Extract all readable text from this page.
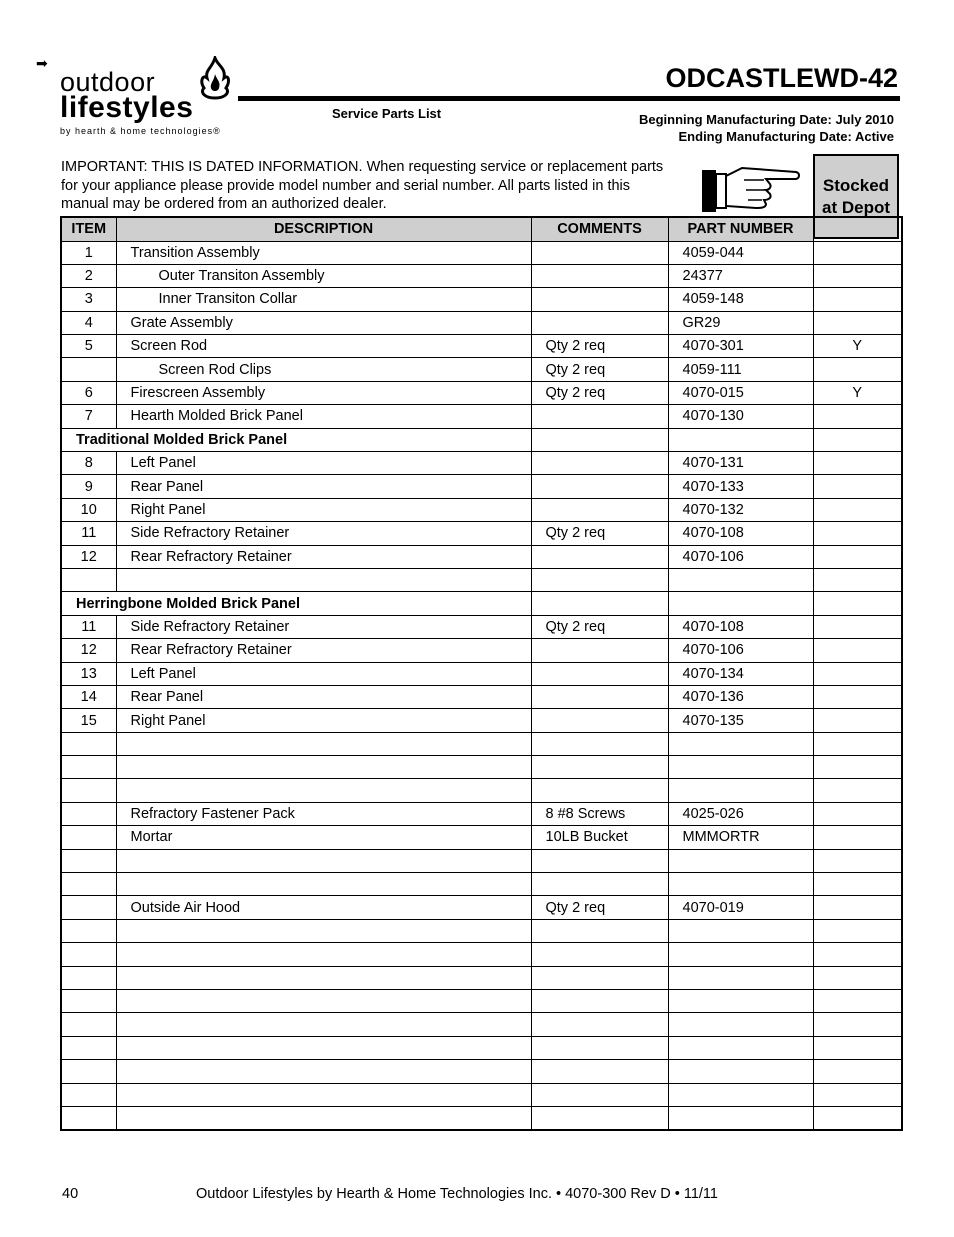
➡
outdoor
lifestyles
by hearth & home technologies®
ODCASTLEWD-42
Service Parts List	Beginning Manufacturing Date: July 2010
Ending Manufacturing Date: Active
IMPORTANT: THIS IS DATED INFORMATION. When requesting service or replacement parts for your appliance please provide model number and serial number. All parts listed in this manual may be ordered from an authorized dealer.
Stocked at Depot
ITEM	DESCRIPTION	COMMENTS	PART NUMBER	
1	Transition Assembly		4059-044	
2	Outer Transiton Assembly		24377	
3	Inner Transiton Collar		4059-148	
4	Grate Assembly		GR29	
5	Screen Rod	Qty 2 req	4070-301	Y
	Screen Rod Clips	Qty 2 req	4059-111	
6	Firescreen Assembly	Qty 2 req	4070-015	Y
7	Hearth Molded Brick Panel		4070-130	
Traditional Molded Brick Panel				
8	Left Panel		4070-131	
9	Rear Panel		4070-133	
10	Right Panel		4070-132	
11	Side Refractory Retainer	Qty 2 req	4070-108	
12	Rear Refractory Retainer		4070-106	

Herringbone Molded Brick Panel				
11	Side Refractory Retainer	Qty 2 req	4070-108	
12	Rear Refractory Retainer		4070-106	
13	Left Panel		4070-134	
14	Rear Panel		4070-136	
15	Right Panel		4070-135	

	Refractory Fastener Pack	8 #8 Screws	4025-026	
	Mortar	10LB Bucket	MMMORTR	

	Outside Air Hood	Qty 2 req	4070-019	

40	Outdoor Lifestyles by Hearth & Home Technologies Inc. • 4070-300 Rev D • 11/11
